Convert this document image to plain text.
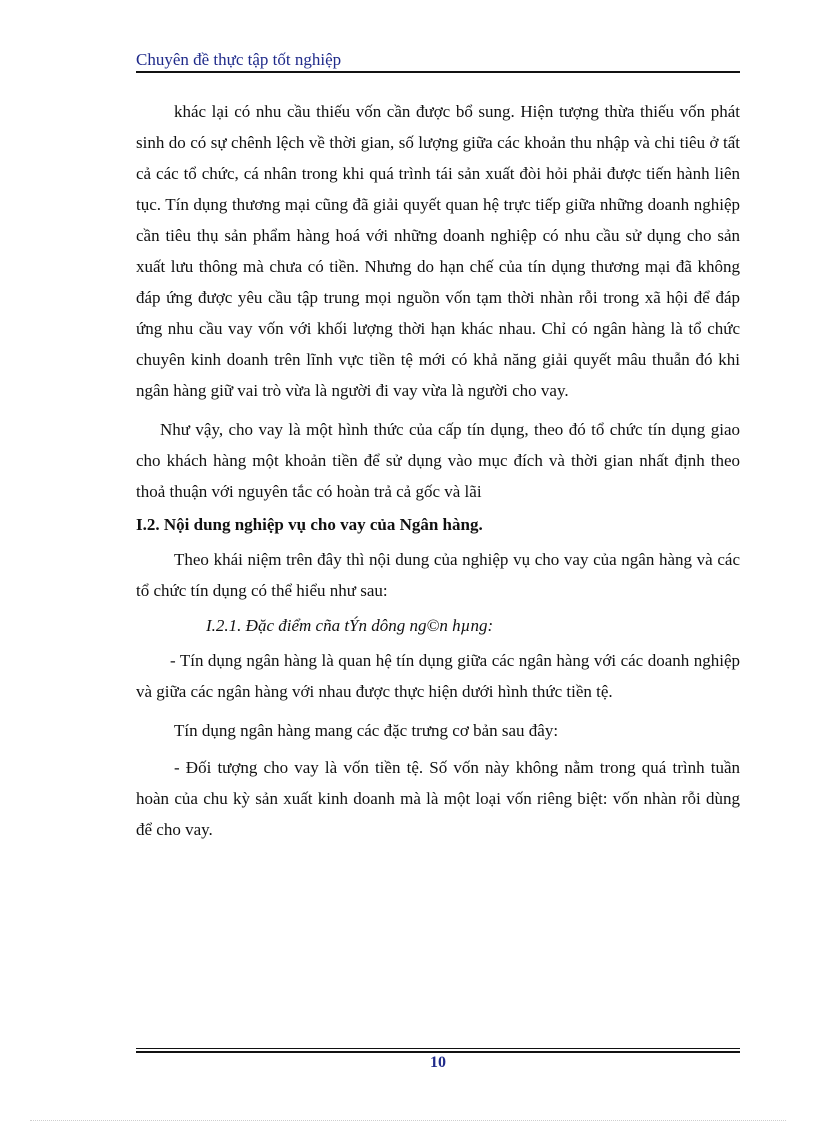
Chuyên đề thực tập tốt nghiệp

khác lại có nhu cầu thiếu vốn cần được bổ sung. Hiện tượng thừa thiếu vốn phát sinh do có sự chênh lệch về thời gian, số lượng giữa các khoản thu nhập và chi tiêu ở tất cả các tổ chức, cá nhân trong khi quá trình tái sản xuất đòi hỏi phải được tiến hành liên tục. Tín dụng thương mại cũng đã giải quyết quan hệ trực tiếp giữa những doanh nghiệp cần tiêu thụ sản phẩm hàng hoá với những doanh nghiệp có nhu cầu sử dụng cho sản xuất lưu thông mà chưa có tiền. Nhưng do hạn chế của tín dụng thương mại đã không đáp ứng được yêu cầu tập trung mọi nguồn vốn tạm thời nhàn rỗi trong xã hội để đáp ứng nhu cầu vay vốn với khối lượng thời hạn khác nhau. Chỉ có ngân hàng là tổ chức chuyên kinh doanh trên lĩnh vực tiền tệ mới có khả năng giải quyết mâu thuẫn đó khi ngân hàng giữ vai trò vừa là người đi vay vừa là người cho vay.

Như vậy, cho vay là một hình thức của cấp tín dụng, theo đó tổ chức tín dụng giao cho khách hàng một khoản tiền để sử dụng vào mục đích và thời gian nhất định theo thoả thuận với nguyên tắc có hoàn trả cả gốc và lãi

I.2. Nội dung nghiệp vụ cho vay của Ngân hàng.

Theo khái niệm trên đây thì nội dung của nghiệp vụ cho vay của ngân hàng và các tổ chức tín dụng có thể hiểu như sau:

I.2.1. Đặc điểm cña tÝn dông ng©n hµng:

- Tín dụng ngân hàng là quan hệ tín dụng giữa các ngân hàng với các doanh nghiệp và giữa các ngân hàng với nhau được thực hiện dưới hình thức tiền tệ.

Tín dụng ngân hàng mang các đặc trưng cơ bản sau đây:

- Đối tượng cho vay là vốn tiền tệ. Số vốn này không nằm trong quá trình tuần hoàn của chu kỳ sản xuất kinh doanh mà là một loại vốn riêng biệt: vốn nhàn rỗi dùng để cho vay.

10
